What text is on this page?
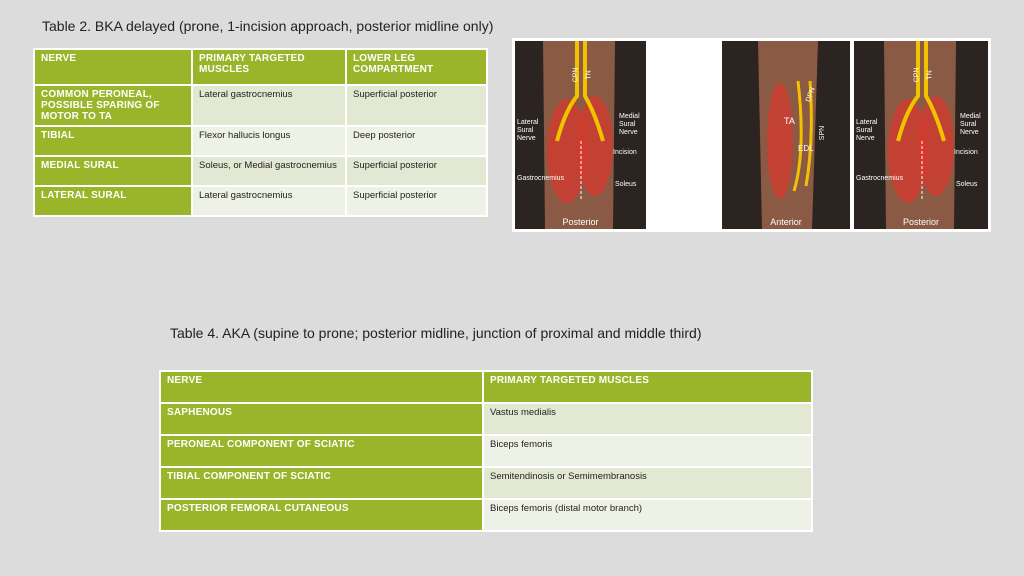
Table 2. BKA delayed (prone, 1-incision approach, posterior midline only)
NERVE	PRIMARY TARGETED MUSCLES	LOWER LEG COMPARTMENT
COMMON PERONEAL, POSSIBLE SPARING OF MOTOR TO TA	Lateral gastrocnemius	Superficial posterior
TIBIAL	Flexor hallucis longus	Deep posterior
MEDIAL SURAL	Soleus, or Medial gastrocnemius	Superficial posterior
LATERAL SURAL	Lateral gastrocnemius	Superficial posterior
CPN TN
Lateral Sural Nerve
Medial Sural Nerve
Incision
Gastrocnemius
Soleus
Posterior
DPN
SPN
TA
EDL
Anterior
CPN TN
Lateral Sural Nerve
Medial Sural Nerve
Incision
Gastrocnemius
Soleus
Posterior
Table 4. AKA (supine to prone; posterior midline, junction of proximal and middle third)
NERVE	PRIMARY TARGETED MUSCLES
SAPHENOUS	Vastus medialis
PERONEAL COMPONENT OF SCIATIC	Biceps femoris
TIBIAL COMPONENT OF SCIATIC	Semitendinosis or Semimembranosis
POSTERIOR FEMORAL CUTANEOUS	Biceps femoris (distal motor branch)
